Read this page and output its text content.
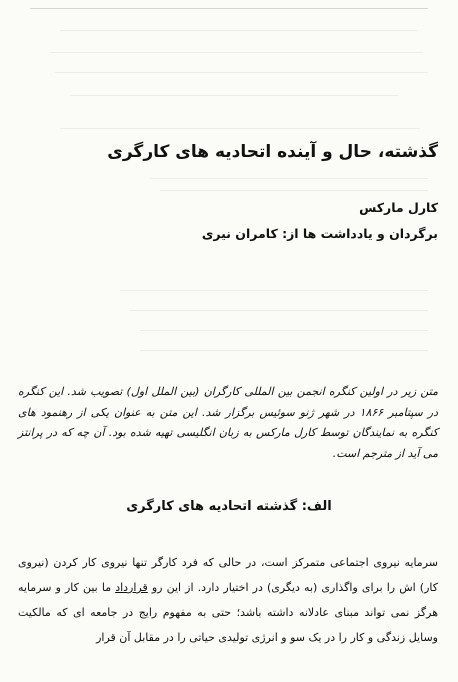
گذشته، حال و آینده اتحادیه های کارگری
کارل مارکس
برگردان و یادداشت ها از: کامران نیری

متن زیر در اولین کنگره انجمن بین المللی کارگران (بین الملل اول) تصویب شد. این کنگره در سپتامبر ۱۸۶۶ در شهر ژنو سوئیس برگزار شد. این متن به عنوان یکی از رهنمود های کنگره به نمایندگان توسط کارل مارکس به زبان انگلیسی تهیه شده بود. آن چه که در پرانتز می آید از مترجم است.

الف: گذشته اتحادیه های کارگری

سرمایه نیروی اجتماعی متمرکز است، در حالی که فرد کارگر تنها نیروی کار کردن (نیروی کار) اش را برای واگذاری (به دیگری) در اختیار دارد. از این رو قرارداد ما بین کار و سرمایه هرگز نمی تواند مبنای عادلانه داشته باشد؛ حتی به مفهوم رایج در جامعه ای که مالکیت وسایل زندگی و کار را در یک سو و انرژی تولیدی حیاتی را در مقابل آن قرار
